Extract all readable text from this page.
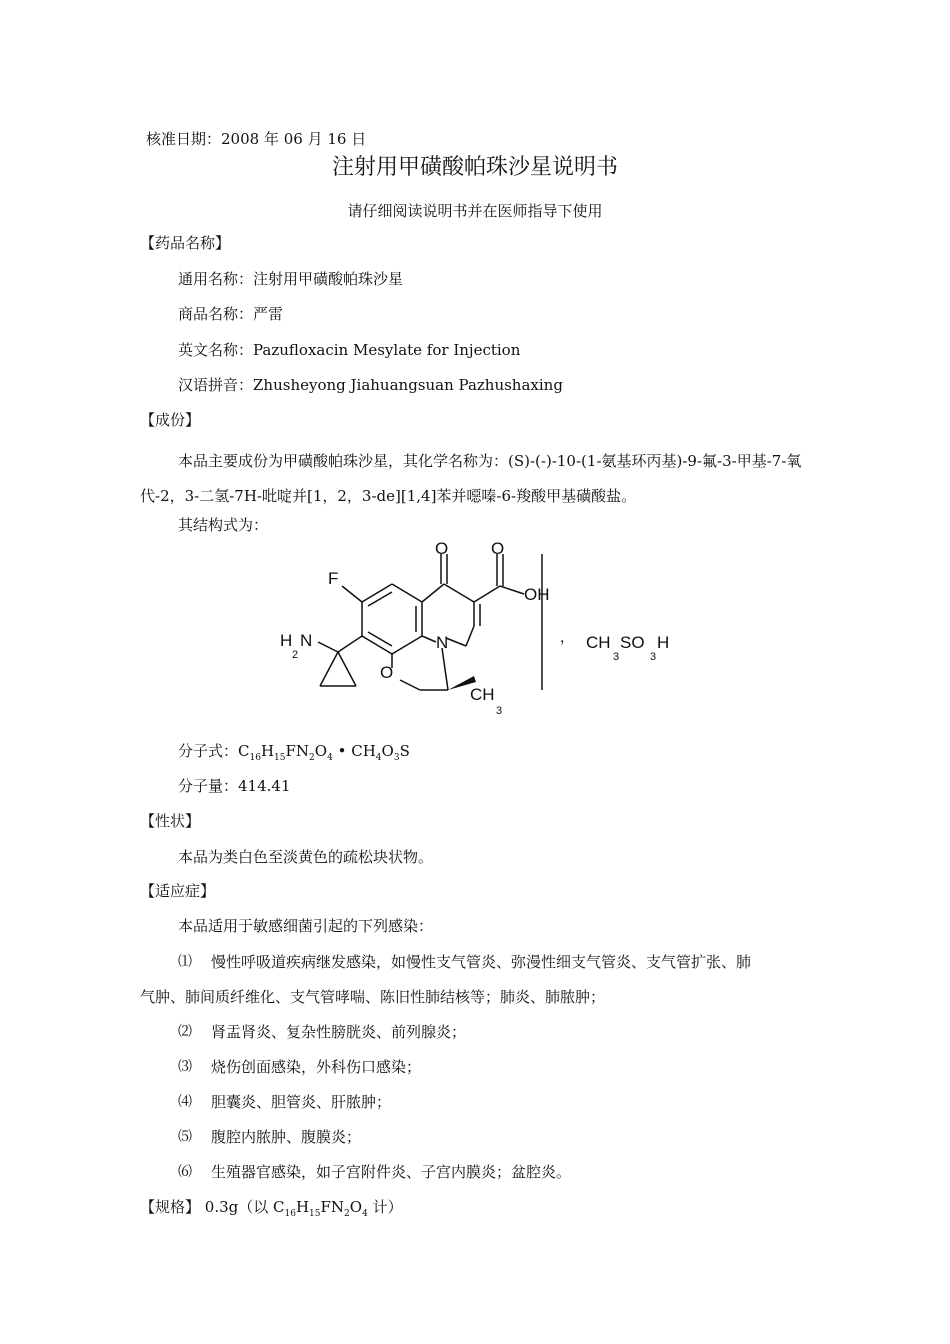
核准日期：2008 年 06 月 16 日
注射用甲磺酸帕珠沙星说明书
请仔细阅读说明书并在医师指导下使用
【药品名称】
通用名称：注射用甲磺酸帕珠沙星
商品名称：严雷
英文名称：Pazufloxacin Mesylate for Injection
汉语拼音：Zhusheyong Jiahuangsuan Pazhushaxing
【成份】
本品主要成份为甲磺酸帕珠沙星，其化学名称为：(S)-(-)-10-(1-氨基环丙基)-9-氟-3-甲基-7-氧代-2，3-二氢-7H-吡啶并[1，2，3-de][1,4]苯并噁嗪-6-羧酸甲基磺酸盐。
其结构式为：
O	O
F
OH
H
2
N	N
O
CH
3
， CH
3
SO
3
H
分子式：$C_{16}H_{15}FN_2O_4$ • $CH_4O_3S$
分子量：414.41
【性状】
本品为类白色至淡黄色的疏松块状物。
【适应症】
本品适用于敏感细菌引起的下列感染：
⑴ 慢性呼吸道疾病继发感染，如慢性支气管炎、弥漫性细支气管炎、支气管扩张、肺
气肿、肺间质纤维化、支气管哮喘、陈旧性肺结核等；肺炎、肺脓肿；
⑵ 肾盂肾炎、复杂性膀胱炎、前列腺炎；
⑶ 烧伤创面感染，外科伤口感染；
⑷ 胆囊炎、胆管炎、肝脓肿；
⑸ 腹腔内脓肿、腹膜炎；
⑹ 生殖器官感染，如子宫附件炎、子宫内膜炎；盆腔炎。
【规格】 0.3g（以 $C_{16}H_{15}FN_2O_4$ 计）
